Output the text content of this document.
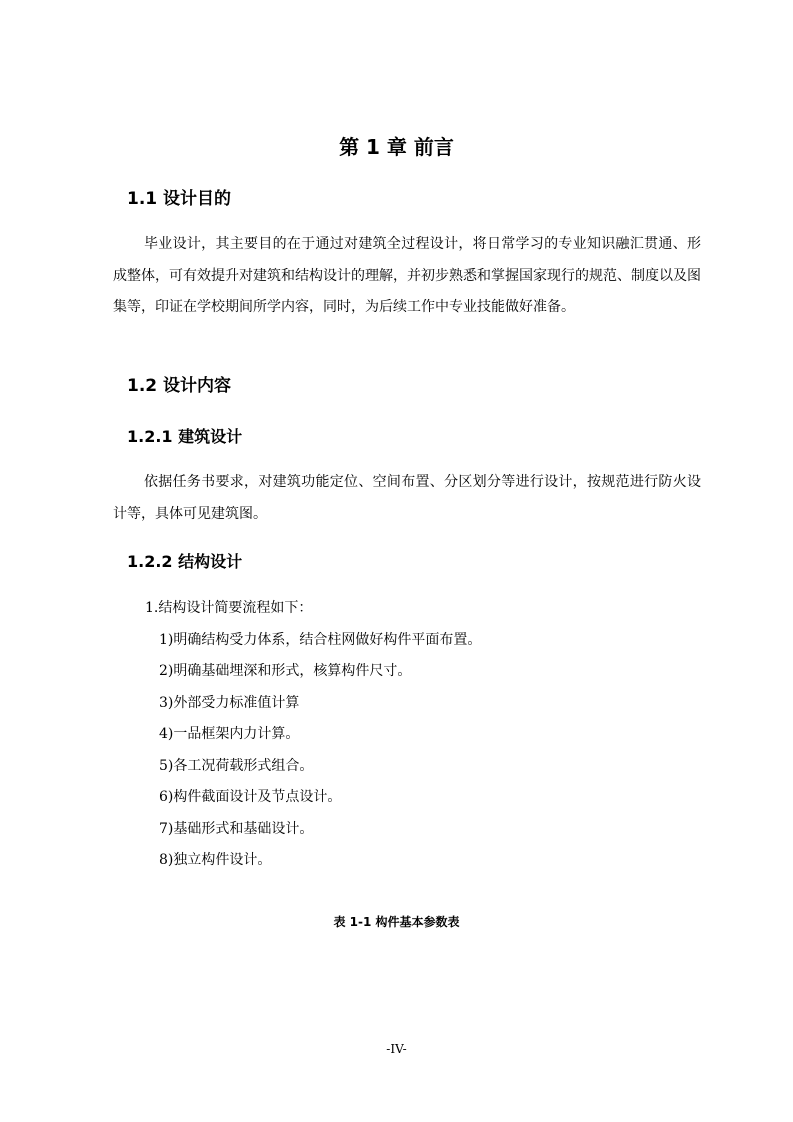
第 1 章 前言
1.1 设计目的
毕业设计，其主要目的在于通过对建筑全过程设计，将日常学习的专业知识融汇贯通、形成整体，可有效提升对建筑和结构设计的理解，并初步熟悉和掌握国家现行的规范、制度以及图集等，印证在学校期间所学内容，同时，为后续工作中专业技能做好准备。
1.2 设计内容
1.2.1 建筑设计
依据任务书要求，对建筑功能定位、空间布置、分区划分等进行设计，按规范进行防火设计等，具体可见建筑图。
1.2.2 结构设计
1.结构设计简要流程如下：
1)明确结构受力体系，结合柱网做好构件平面布置。
2)明确基础埋深和形式，核算构件尺寸。
3)外部受力标准值计算
4)一品框架内力计算。
5)各工况荷载形式组合。
6)构件截面设计及节点设计。
7)基础形式和基础设计。
8)独立构件设计。
表 1-1 构件基本参数表
-IV-
